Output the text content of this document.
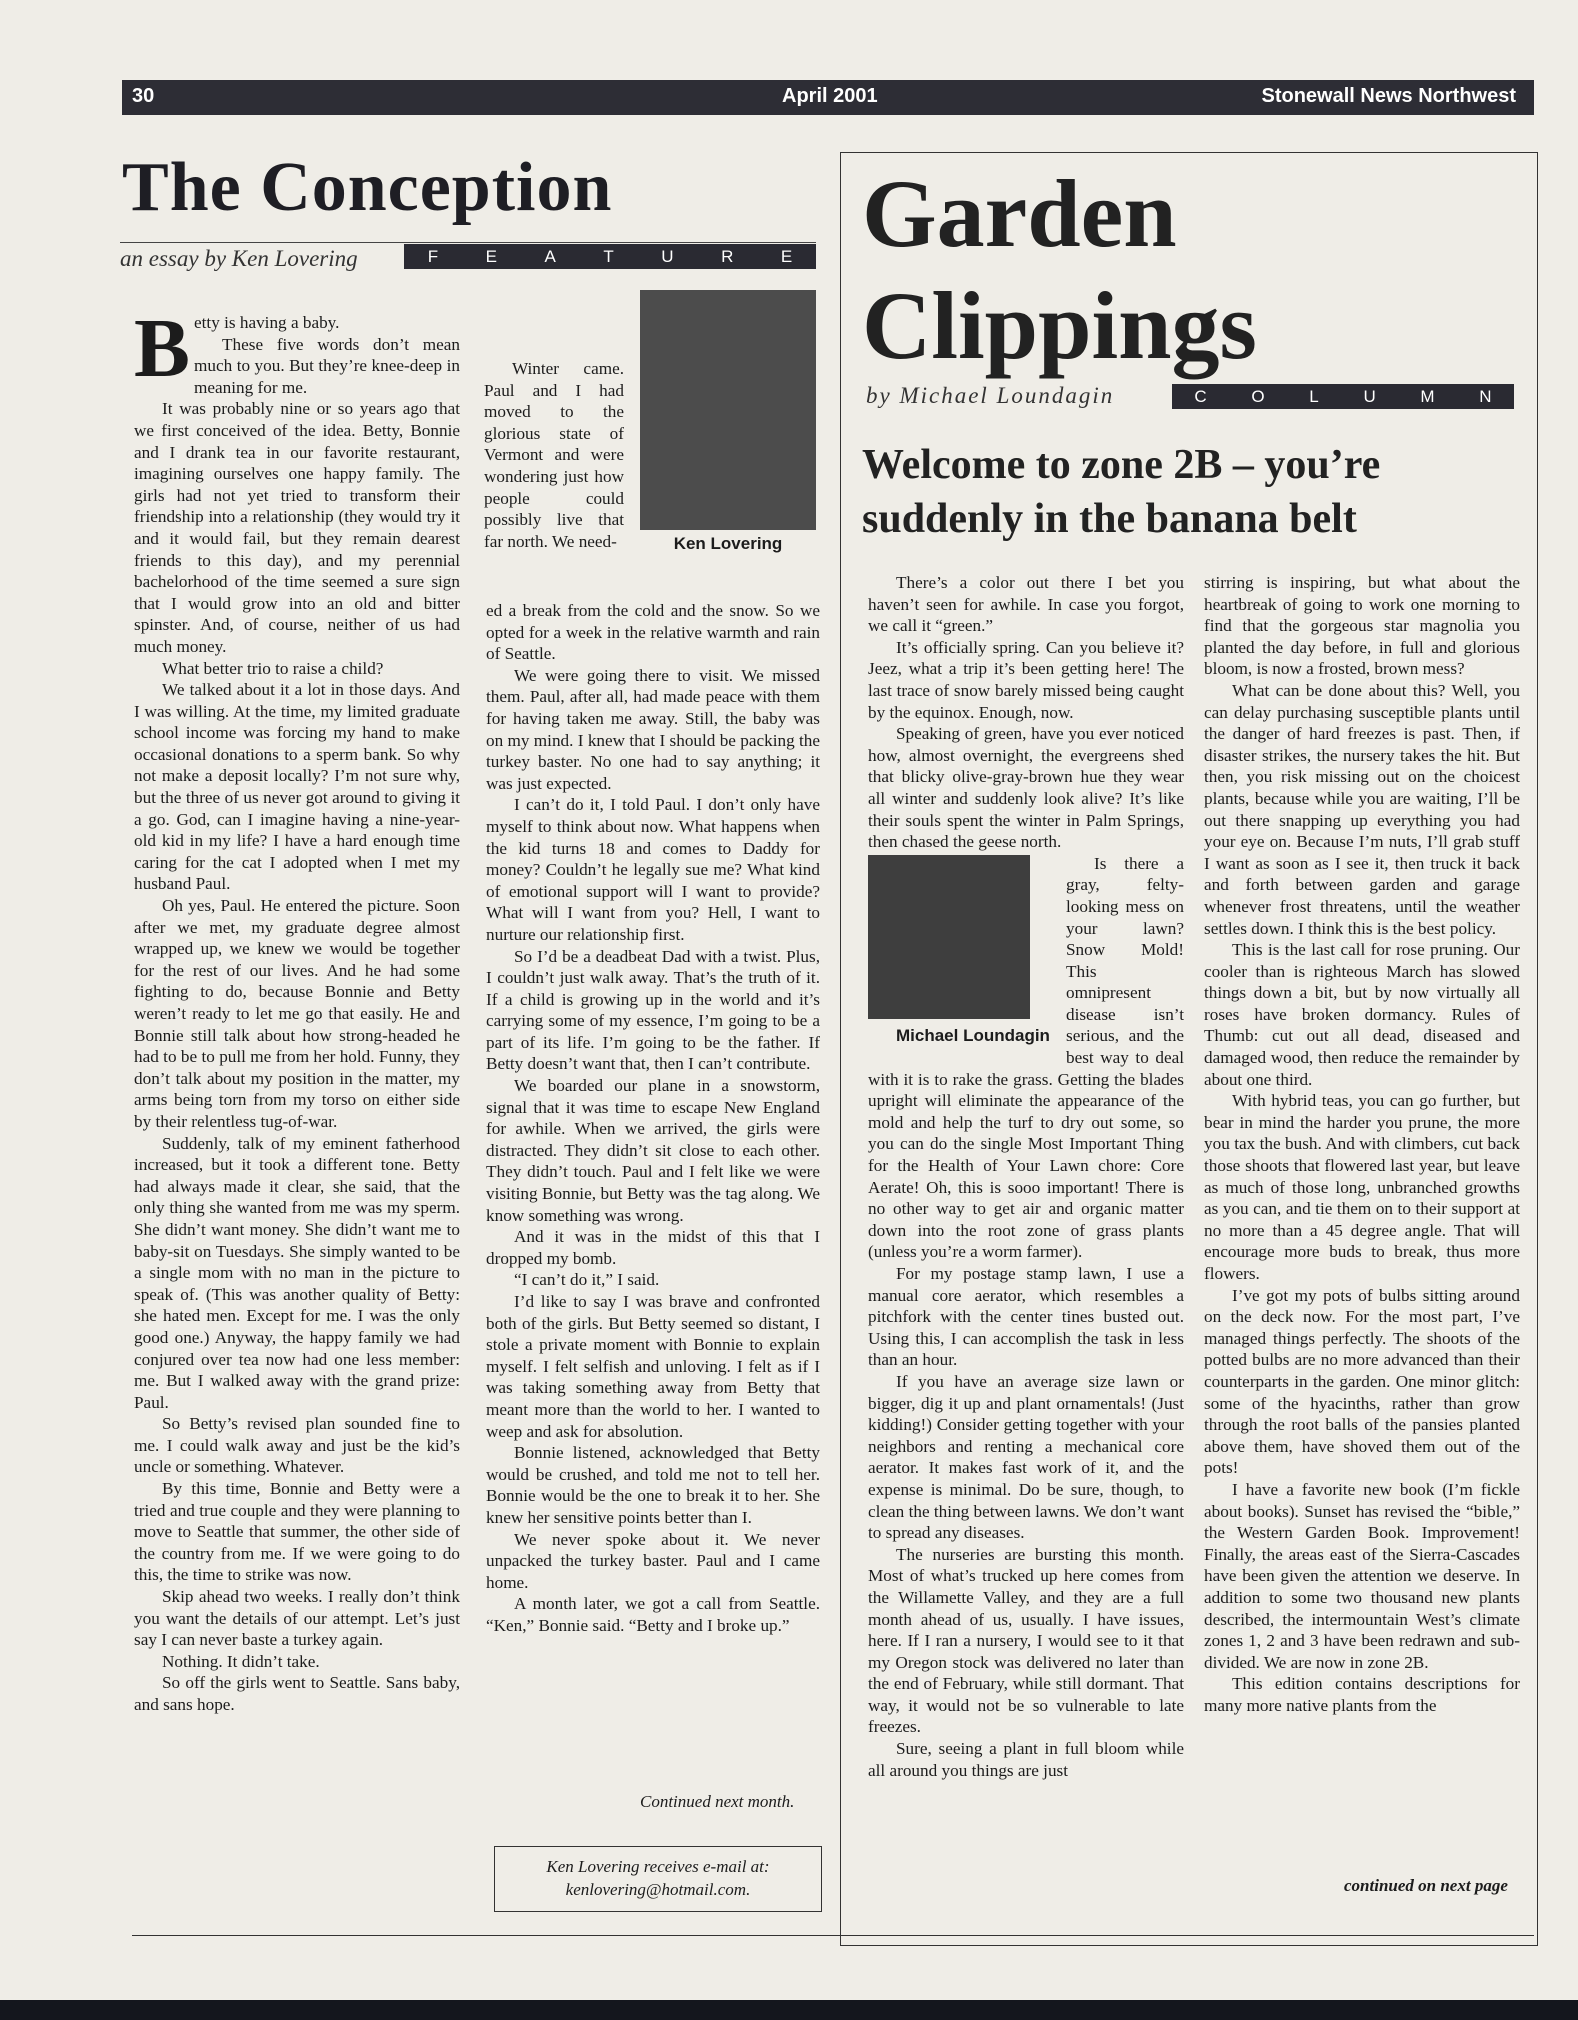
30	April 2001	Stonewall News Northwest
The Conception
an essay by Ken Lovering	F	E	A	T	U	R	E

Betty is having a baby.

These five words don’t mean much to you. But they’re knee-deep in meaning for me.

It was probably nine or so years ago that we first conceived of the idea. Betty, Bonnie and I drank tea in our favorite restaurant, imagining ourselves one happy family. The girls had not yet tried to transform their friendship into a relationship (they would try it and it would fail, but they remain dearest friends to this day), and my perennial bachelorhood of the time seemed a sure sign that I would grow into an old and bitter spinster. And, of course, neither of us had much money.

What better trio to raise a child?

We talked about it a lot in those days. And I was willing. At the time, my limited graduate school income was forcing my hand to make occasional donations to a sperm bank. So why not make a deposit locally? I’m not sure why, but the three of us never got around to giving it a go. God, can I imagine having a nine-year-old kid in my life? I have a hard enough time caring for the cat I adopted when I met my husband Paul.

Oh yes, Paul. He entered the picture. Soon after we met, my graduate degree almost wrapped up, we knew we would be together for the rest of our lives. And he had some fighting to do, because Bonnie and Betty weren’t ready to let me go that easily. He and Bonnie still talk about how strong-headed he had to be to pull me from her hold. Funny, they don’t talk about my position in the matter, my arms being torn from my torso on either side by their relentless tug-of-war.

Suddenly, talk of my eminent fatherhood increased, but it took a different tone. Betty had always made it clear, she said, that the only thing she wanted from me was my sperm. She didn’t want money. She didn’t want me to baby-sit on Tuesdays. She simply wanted to be a single mom with no man in the picture to speak of. (This was another quality of Betty: she hated men. Except for me. I was the only good one.) Anyway, the happy family we had conjured over tea now had one less member: me. But I walked away with the grand prize: Paul.

So Betty’s revised plan sounded fine to me. I could walk away and just be the kid’s uncle or something. Whatever.

By this time, Bonnie and Betty were a tried and true couple and they were planning to move to Seattle that summer, the other side of the country from me. If we were going to do this, the time to strike was now.

Skip ahead two weeks. I really don’t think you want the details of our attempt. Let’s just say I can never baste a turkey again.

Nothing. It didn’t take.

So off the girls went to Seattle. Sans baby, and sans hope.

Ken Lovering

Winter came. Paul and I had moved to the glorious state of Vermont and were wondering just how people could possibly live that far north. We need-

ed a break from the cold and the snow. So we opted for a week in the relative warmth and rain of Seattle.

We were going there to visit. We missed them. Paul, after all, had made peace with them for having taken me away. Still, the baby was on my mind. I knew that I should be packing the turkey baster. No one had to say anything; it was just expected.

I can’t do it, I told Paul. I don’t only have myself to think about now. What happens when the kid turns 18 and comes to Daddy for money? Couldn’t he legally sue me? What kind of emotional support will I want to provide? What will I want from you? Hell, I want to nurture our relationship first.

So I’d be a deadbeat Dad with a twist. Plus, I couldn’t just walk away. That’s the truth of it. If a child is growing up in the world and it’s carrying some of my essence, I’m going to be a part of its life. I’m going to be the father. If Betty doesn’t want that, then I can’t contribute.

We boarded our plane in a snowstorm, signal that it was time to escape New England for awhile. When we arrived, the girls were distracted. They didn’t sit close to each other. They didn’t touch. Paul and I felt like we were visiting Bonnie, but Betty was the tag along. We know something was wrong.

And it was in the midst of this that I dropped my bomb.

“I can’t do it,” I said.

I’d like to say I was brave and confronted both of the girls. But Betty seemed so distant, I stole a private moment with Bonnie to explain myself. I felt selfish and unloving. I felt as if I was taking something away from Betty that meant more than the world to her. I wanted to weep and ask for absolution.

Bonnie listened, acknowledged that Betty would be crushed, and told me not to tell her. Bonnie would be the one to break it to her. She knew her sensitive points better than I.

We never spoke about it. We never unpacked the turkey baster. Paul and I came home.

A month later, we got a call from Seattle. “Ken,” Bonnie said. “Betty and I broke up.”

Continued next month.
Ken Lovering receives e-mail at:
kenlovering@hotmail.com.
Garden
Clippings
by Michael Loundagin	C	O	L	U	M	N
Welcome to zone 2B – you’re suddenly in the banana belt

There’s a color out there I bet you haven’t seen for awhile. In case you forgot, we call it “green.”

It’s officially spring. Can you believe it? Jeez, what a trip it’s been getting here! The last trace of snow barely missed being caught by the equinox. Enough, now.

Speaking of green, have you ever noticed how, almost overnight, the evergreens shed that blicky olive-gray-brown hue they wear all winter and suddenly look alive? It’s like their souls spent the winter in Palm Springs, then chased the geese north.

Michael Loundagin
Is there a gray, felty-looking mess on your lawn? Snow Mold! This omnipresent disease isn’t serious, and the best way to deal with it is to rake the grass. Getting the blades upright will eliminate the appearance of the mold and help the turf to dry out some, so you can do the single Most Important Thing for the Health of Your Lawn chore: Core Aerate! Oh, this is sooo important! There is no other way to get air and organic matter down into the root zone of grass plants (unless you’re a worm farmer).

For my postage stamp lawn, I use a manual core aerator, which resembles a pitchfork with the center tines busted out. Using this, I can accomplish the task in less than an hour.

If you have an average size lawn or bigger, dig it up and plant ornamentals! (Just kidding!) Consider getting together with your neighbors and renting a mechanical core aerator. It makes fast work of it, and the expense is minimal. Do be sure, though, to clean the thing between lawns. We don’t want to spread any diseases.

The nurseries are bursting this month. Most of what’s trucked up here comes from the Willamette Valley, and they are a full month ahead of us, usually. I have issues, here. If I ran a nursery, I would see to it that my Oregon stock was delivered no later than the end of February, while still dormant. That way, it would not be so vulnerable to late freezes.

Sure, seeing a plant in full bloom while all around you things are just

stirring is inspiring, but what about the heartbreak of going to work one morning to find that the gorgeous star magnolia you planted the day before, in full and glorious bloom, is now a frosted, brown mess?

What can be done about this? Well, you can delay purchasing susceptible plants until the danger of hard freezes is past. Then, if disaster strikes, the nursery takes the hit. But then, you risk missing out on the choicest plants, because while you are waiting, I’ll be out there snapping up everything you had your eye on. Because I’m nuts, I’ll grab stuff I want as soon as I see it, then truck it back and forth between garden and garage whenever frost threatens, until the weather settles down. I think this is the best policy.

This is the last call for rose pruning. Our cooler than is righteous March has slowed things down a bit, but by now virtually all roses have broken dormancy. Rules of Thumb: cut out all dead, diseased and damaged wood, then reduce the remainder by about one third.

With hybrid teas, you can go further, but bear in mind the harder you prune, the more you tax the bush. And with climbers, cut back those shoots that flowered last year, but leave as much of those long, unbranched growths as you can, and tie them on to their support at no more than a 45 degree angle. That will encourage more buds to break, thus more flowers.

I’ve got my pots of bulbs sitting around on the deck now. For the most part, I’ve managed things perfectly. The shoots of the potted bulbs are no more advanced than their counterparts in the garden. One minor glitch: some of the hyacinths, rather than grow through the root balls of the pansies planted above them, have shoved them out of the pots!

I have a favorite new book (I’m fickle about books). Sunset has revised the “bible,” the Western Garden Book. Improvement! Finally, the areas east of the Sierra-Cascades have been given the attention we deserve. In addition to some two thousand new plants described, the intermountain West’s climate zones 1, 2 and 3 have been redrawn and sub-divided. We are now in zone 2B.

This edition contains descriptions for many more native plants from the

continued on next page
